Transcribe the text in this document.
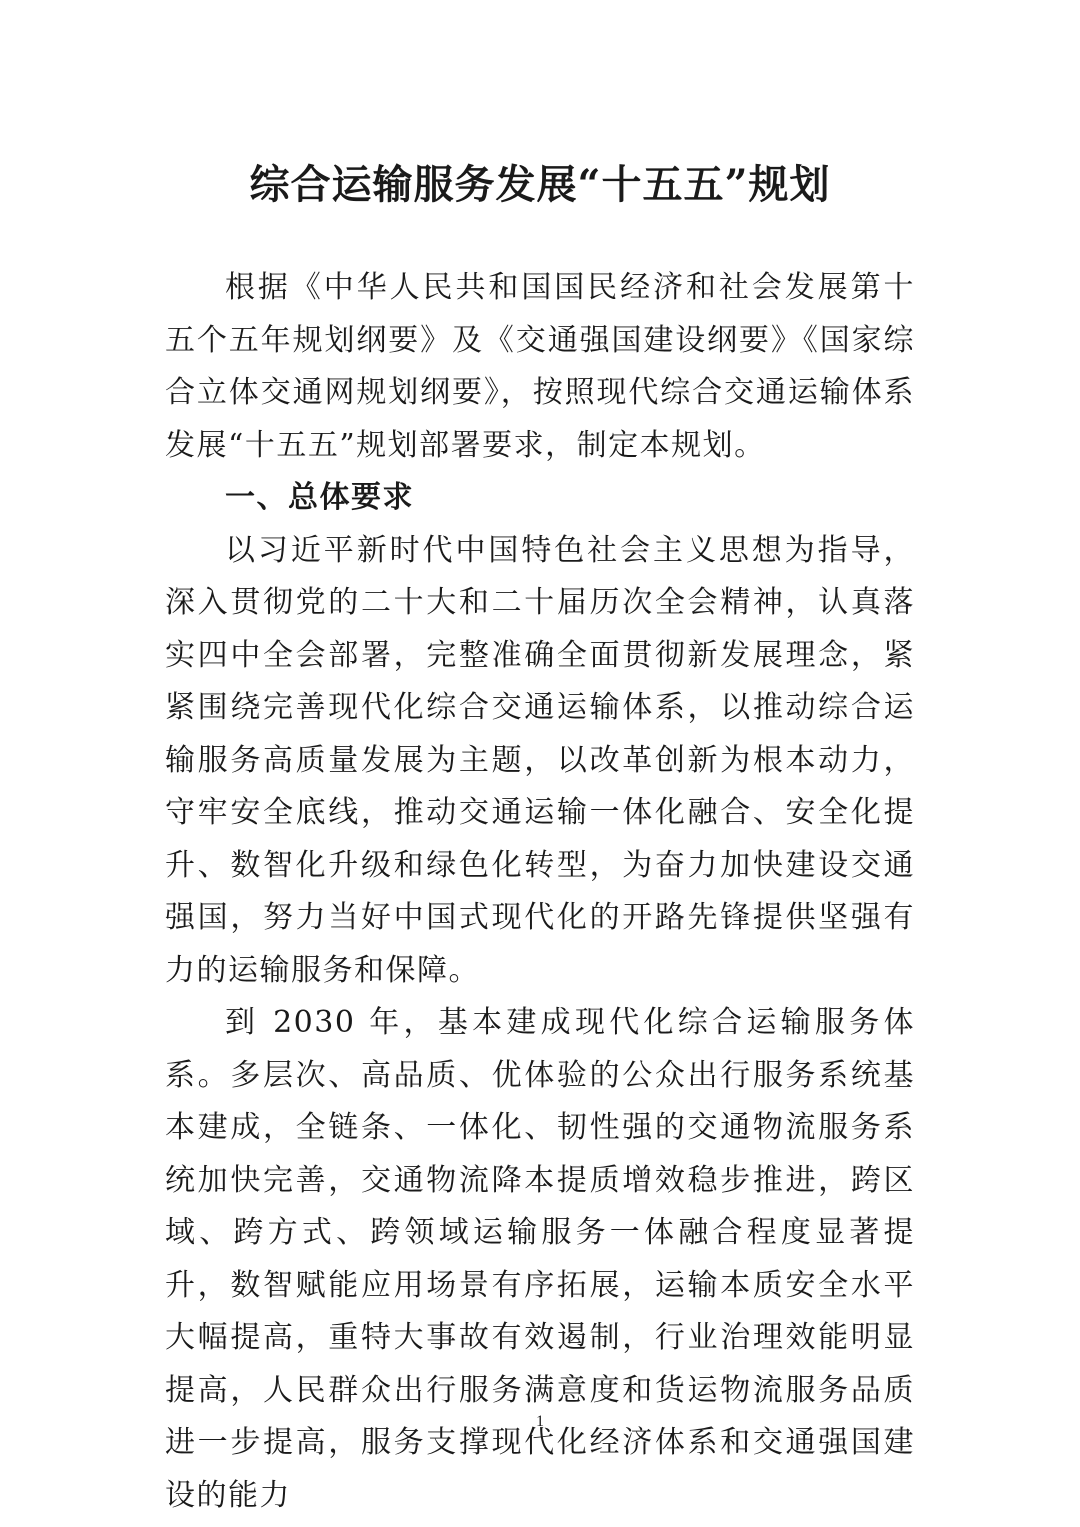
综合运输服务发展“十五五”规划

根据《中华人民共和国国民经济和社会发展第十五个五年规划纲要》及《交通强国建设纲要》《国家综合立体交通网规划纲要》，按照现代综合交通运输体系发展“十五五”规划部署要求，制定本规划。

一、总体要求

以习近平新时代中国特色社会主义思想为指导，深入贯彻党的二十大和二十届历次全会精神，认真落实四中全会部署，完整准确全面贯彻新发展理念，紧紧围绕完善现代化综合交通运输体系，以推动综合运输服务高质量发展为主题，以改革创新为根本动力，守牢安全底线，推动交通运输一体化融合、安全化提升、数智化升级和绿色化转型，为奋力加快建设交通强国，努力当好中国式现代化的开路先锋提供坚强有力的运输服务和保障。

到 2030 年，基本建成现代化综合运输服务体系。多层次、高品质、优体验的公众出行服务系统基本建成，全链条、一体化、韧性强的交通物流服务系统加快完善，交通物流降本提质增效稳步推进，跨区域、跨方式、跨领域运输服务一体融合程度显著提升，数智赋能应用场景有序拓展，运输本质安全水平大幅提高，重特大事故有效遏制，行业治理效能明显提高，人民群众出行服务满意度和货运物流服务品质进一步提高，服务支撑现代化经济体系和交通强国建设的能力

1
